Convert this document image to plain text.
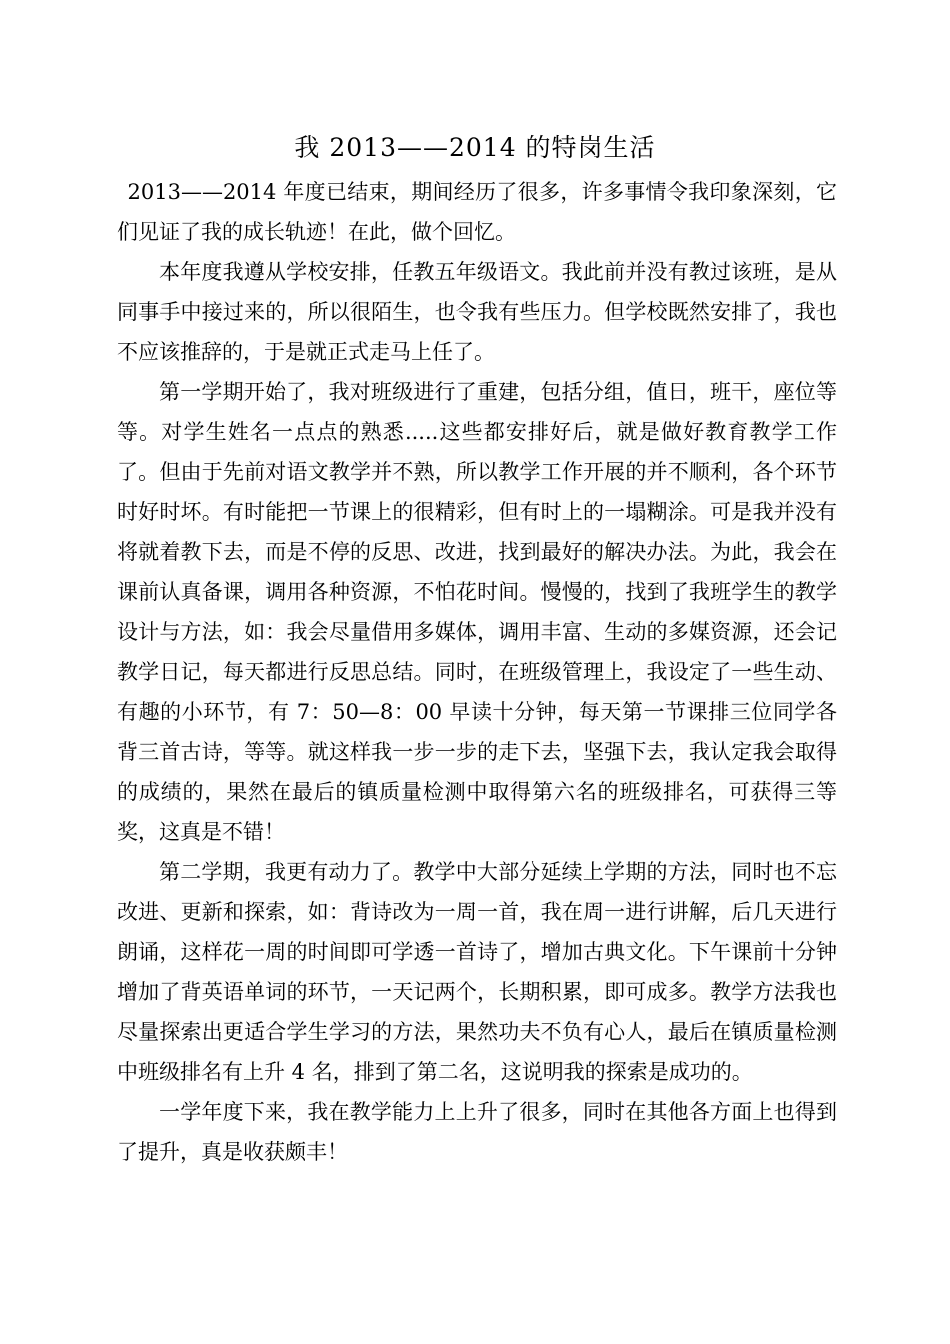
我 2013——2014 的特岗生活

2013——2014 年度已结束，期间经历了很多，许多事情令我印象深刻，它们见证了我的成长轨迹！在此，做个回忆。

本年度我遵从学校安排，任教五年级语文。我此前并没有教过该班，是从同事手中接过来的，所以很陌生，也令我有些压力。但学校既然安排了，我也不应该推辞的，于是就正式走马上任了。

第一学期开始了，我对班级进行了重建，包括分组，值日，班干，座位等等。对学生姓名一点点的熟悉.....这些都安排好后，就是做好教育教学工作了。但由于先前对语文教学并不熟，所以教学工作开展的并不顺利，各个环节时好时坏。有时能把一节课上的很精彩，但有时上的一塌糊涂。可是我并没有将就着教下去，而是不停的反思、改进，找到最好的解决办法。为此，我会在课前认真备课，调用各种资源，不怕花时间。慢慢的，找到了我班学生的教学设计与方法，如：我会尽量借用多媒体，调用丰富、生动的多媒资源，还会记教学日记，每天都进行反思总结。同时，在班级管理上，我设定了一些生动、有趣的小环节，有 7：50—8：00 早读十分钟，每天第一节课排三位同学各背三首古诗，等等。就这样我一步一步的走下去，坚强下去，我认定我会取得的成绩的，果然在最后的镇质量检测中取得第六名的班级排名，可获得三等奖，这真是不错！

第二学期，我更有动力了。教学中大部分延续上学期的方法，同时也不忘改进、更新和探索，如：背诗改为一周一首，我在周一进行讲解，后几天进行朗诵，这样花一周的时间即可学透一首诗了，增加古典文化。下午课前十分钟增加了背英语单词的环节，一天记两个，长期积累，即可成多。教学方法我也尽量探索出更适合学生学习的方法，果然功夫不负有心人，最后在镇质量检测中班级排名有上升 4 名，排到了第二名，这说明我的探索是成功的。

一学年度下来，我在教学能力上上升了很多，同时在其他各方面上也得到了提升，真是收获颇丰！
